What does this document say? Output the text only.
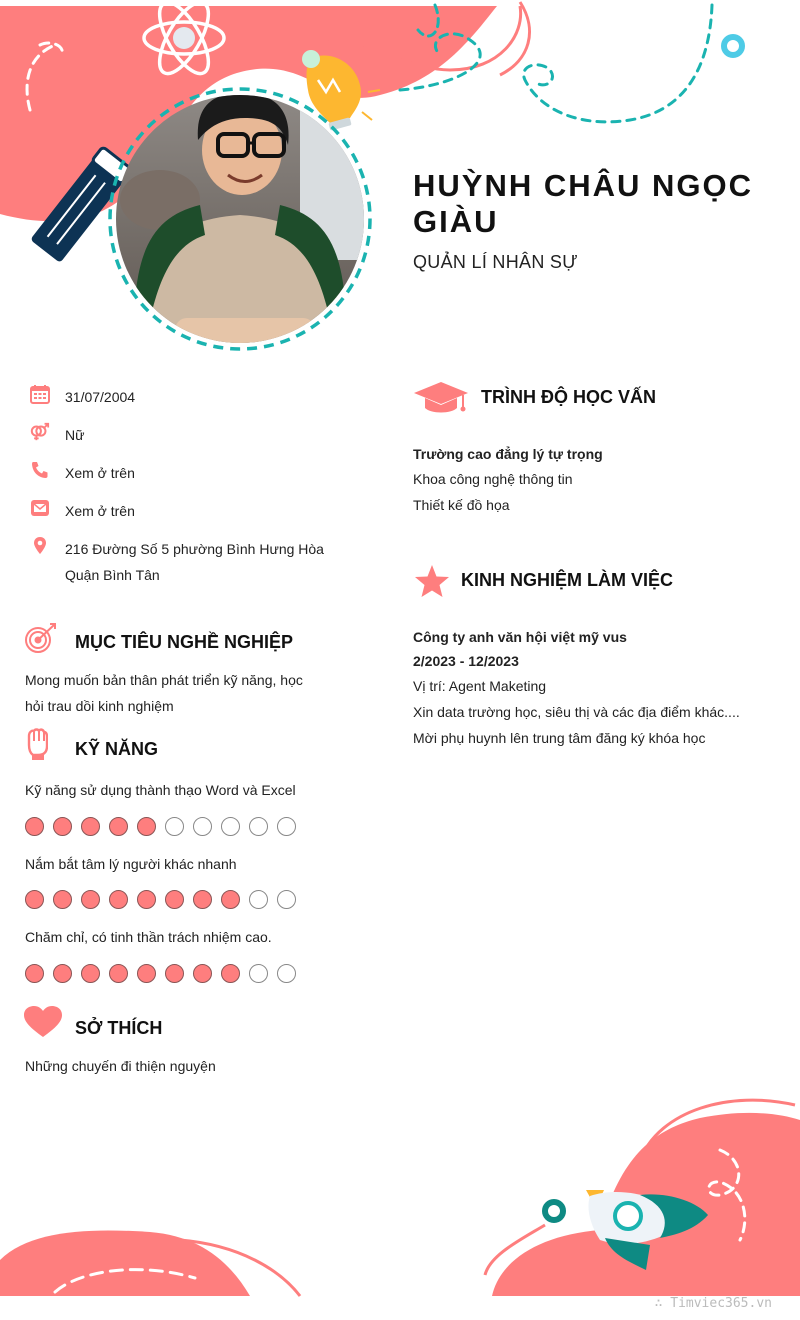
HUỲNH CHÂU NGỌC GIÀU
QUẢN LÍ NHÂN SỰ
31/07/2004
Nữ
Xem ở trên
Xem ở trên
216 Đường Số 5 phường Bình Hưng Hòa
Quận Bình Tân
MỤC TIÊU NGHỀ NGHIỆP
Mong muốn bản thân phát triển kỹ năng, học
hỏi trau dồi kinh nghiệm
KỸ NĂNG
Kỹ năng sử dụng thành thạo Word và Excel
Nắm bắt tâm lý người khác nhanh
Chăm chỉ, có tinh thần trách nhiệm cao.
SỞ THÍCH
Những chuyến đi thiện nguyện
TRÌNH ĐỘ HỌC VẤN
Trường cao đẳng lý tự trọng
Khoa công nghệ thông tin
Thiết kế đồ họa
KINH NGHIỆM LÀM VIỆC
Công ty anh văn hội việt mỹ vus
2/2023 - 12/2023
Vị trí: Agent Maketing
Xin data trường học, siêu thị và các địa điểm khác....
Mời phụ huynh lên trung tâm đăng ký khóa học
∴ Timviec365.vn
